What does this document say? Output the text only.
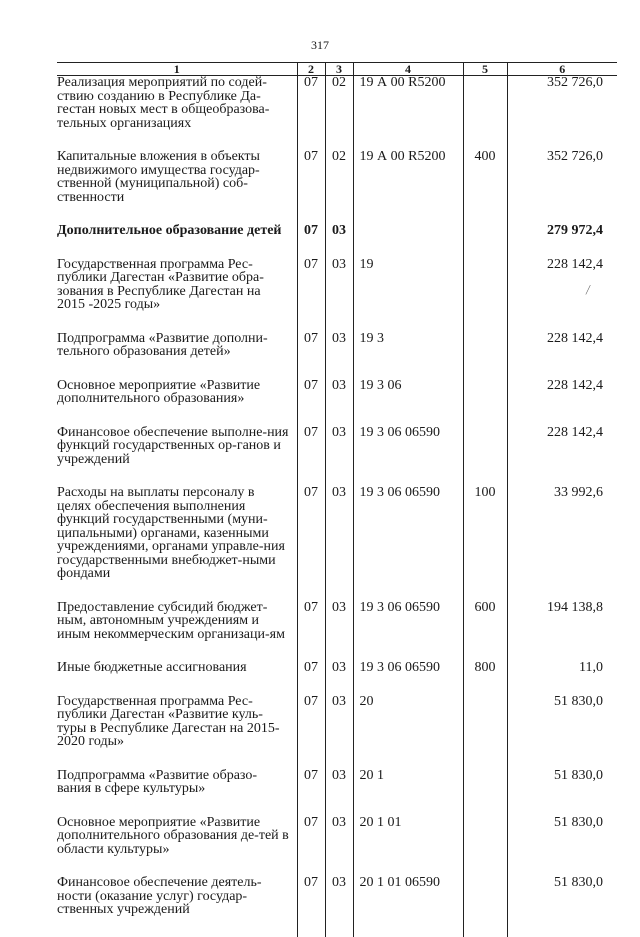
317
1	2	3	4	5	6
Реализация мероприятий по содей-ствию созданию в Республике Да-гестан новых мест в общеобразова-тельных организациях	07	02	19 А 00 R5200		352 726,0
Капитальные вложения в объекты недвижимого имущества государ-ственной (муниципальной) соб-ственности	07	02	19 А 00 R5200	400	352 726,0
Дополнительное образование детей	07	03			279 972,4
Государственная программа Рес-публики Дагестан «Развитие обра-зования в Республике Дагестан на 2015 -2025 годы»	07	03	19		228 142,4
Подпрограмма «Развитие дополни-тельного образования детей»	07	03	19 3		228 142,4
Основное мероприятие «Развитие дополнительного образования»	07	03	19 3 06		228 142,4
Финансовое обеспечение выполне-ния функций государственных ор-ганов и учреждений	07	03	19 3 06 06590		228 142,4
Расходы на выплаты персоналу в целях обеспечения выполнения функций государственными (муни-ципальными) органами, казенными учреждениями, органами управле-ния государственными внебюджет-ными фондами	07	03	19 3 06 06590	100	33 992,6
Предоставление субсидий бюджет-ным, автономным учреждениям и иным некоммерческим организаци-ям	07	03	19 3 06 06590	600	194 138,8
Иные бюджетные ассигнования	07	03	19 3 06 06590	800	11,0
Государственная программа Рес-публики Дагестан «Развитие куль-туры в Республике Дагестан на 2015-2020 годы»	07	03	20		51 830,0
Подпрограмма «Развитие образо-вания в сфере культуры»	07	03	20 1		51 830,0
Основное мероприятие «Развитие дополнительного образования де-тей в области культуры»	07	03	20 1 01		51 830,0
Финансовое обеспечение деятель-ности (оказание услуг) государ-ственных учреждений	07	03	20 1 01 06590		51 830,0
⁄
